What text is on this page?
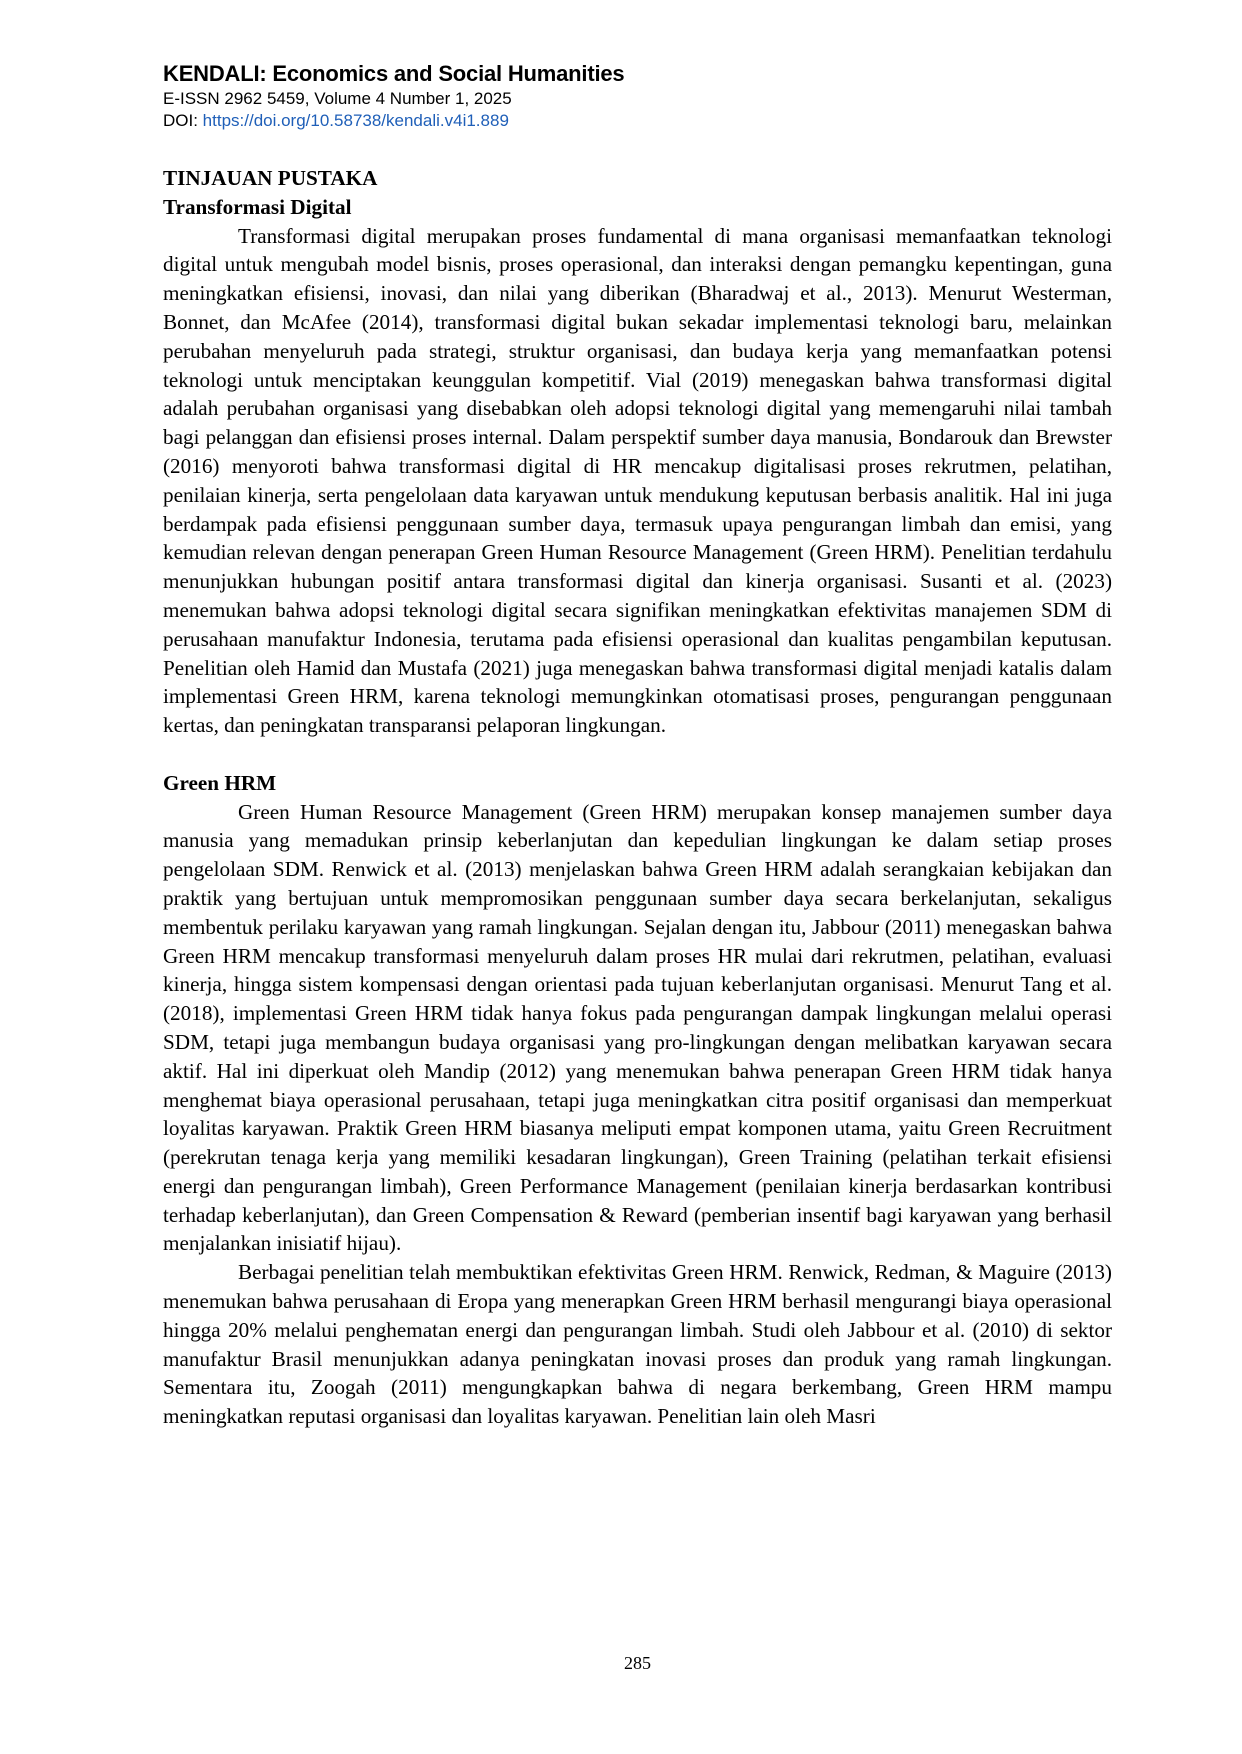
KENDALI: Economics and Social Humanities
E-ISSN 2962 5459, Volume 4 Number 1, 2025
DOI: https://doi.org/10.58738/kendali.v4i1.889
TINJAUAN PUSTAKA
Transformasi Digital

Transformasi digital merupakan proses fundamental di mana organisasi memanfaatkan teknologi digital untuk mengubah model bisnis, proses operasional, dan interaksi dengan pemangku kepentingan, guna meningkatkan efisiensi, inovasi, dan nilai yang diberikan (Bharadwaj et al., 2013). Menurut Westerman, Bonnet, dan McAfee (2014), transformasi digital bukan sekadar implementasi teknologi baru, melainkan perubahan menyeluruh pada strategi, struktur organisasi, dan budaya kerja yang memanfaatkan potensi teknologi untuk menciptakan keunggulan kompetitif. Vial (2019) menegaskan bahwa transformasi digital adalah perubahan organisasi yang disebabkan oleh adopsi teknologi digital yang memengaruhi nilai tambah bagi pelanggan dan efisiensi proses internal. Dalam perspektif sumber daya manusia, Bondarouk dan Brewster (2016) menyoroti bahwa transformasi digital di HR mencakup digitalisasi proses rekrutmen, pelatihan, penilaian kinerja, serta pengelolaan data karyawan untuk mendukung keputusan berbasis analitik. Hal ini juga berdampak pada efisiensi penggunaan sumber daya, termasuk upaya pengurangan limbah dan emisi, yang kemudian relevan dengan penerapan Green Human Resource Management (Green HRM). Penelitian terdahulu menunjukkan hubungan positif antara transformasi digital dan kinerja organisasi. Susanti et al. (2023) menemukan bahwa adopsi teknologi digital secara signifikan meningkatkan efektivitas manajemen SDM di perusahaan manufaktur Indonesia, terutama pada efisiensi operasional dan kualitas pengambilan keputusan. Penelitian oleh Hamid dan Mustafa (2021) juga menegaskan bahwa transformasi digital menjadi katalis dalam implementasi Green HRM, karena teknologi memungkinkan otomatisasi proses, pengurangan penggunaan kertas, dan peningkatan transparansi pelaporan lingkungan.

Green HRM

Green Human Resource Management (Green HRM) merupakan konsep manajemen sumber daya manusia yang memadukan prinsip keberlanjutan dan kepedulian lingkungan ke dalam setiap proses pengelolaan SDM. Renwick et al. (2013) menjelaskan bahwa Green HRM adalah serangkaian kebijakan dan praktik yang bertujuan untuk mempromosikan penggunaan sumber daya secara berkelanjutan, sekaligus membentuk perilaku karyawan yang ramah lingkungan. Sejalan dengan itu, Jabbour (2011) menegaskan bahwa Green HRM mencakup transformasi menyeluruh dalam proses HR mulai dari rekrutmen, pelatihan, evaluasi kinerja, hingga sistem kompensasi dengan orientasi pada tujuan keberlanjutan organisasi. Menurut Tang et al. (2018), implementasi Green HRM tidak hanya fokus pada pengurangan dampak lingkungan melalui operasi SDM, tetapi juga membangun budaya organisasi yang pro-lingkungan dengan melibatkan karyawan secara aktif. Hal ini diperkuat oleh Mandip (2012) yang menemukan bahwa penerapan Green HRM tidak hanya menghemat biaya operasional perusahaan, tetapi juga meningkatkan citra positif organisasi dan memperkuat loyalitas karyawan. Praktik Green HRM biasanya meliputi empat komponen utama, yaitu Green Recruitment (perekrutan tenaga kerja yang memiliki kesadaran lingkungan), Green Training (pelatihan terkait efisiensi energi dan pengurangan limbah), Green Performance Management (penilaian kinerja berdasarkan kontribusi terhadap keberlanjutan), dan Green Compensation & Reward (pemberian insentif bagi karyawan yang berhasil menjalankan inisiatif hijau).

Berbagai penelitian telah membuktikan efektivitas Green HRM. Renwick, Redman, & Maguire (2013) menemukan bahwa perusahaan di Eropa yang menerapkan Green HRM berhasil mengurangi biaya operasional hingga 20% melalui penghematan energi dan pengurangan limbah. Studi oleh Jabbour et al. (2010) di sektor manufaktur Brasil menunjukkan adanya peningkatan inovasi proses dan produk yang ramah lingkungan. Sementara itu, Zoogah (2011) mengungkapkan bahwa di negara berkembang, Green HRM mampu meningkatkan reputasi organisasi dan loyalitas karyawan. Penelitian lain oleh Masri

285
